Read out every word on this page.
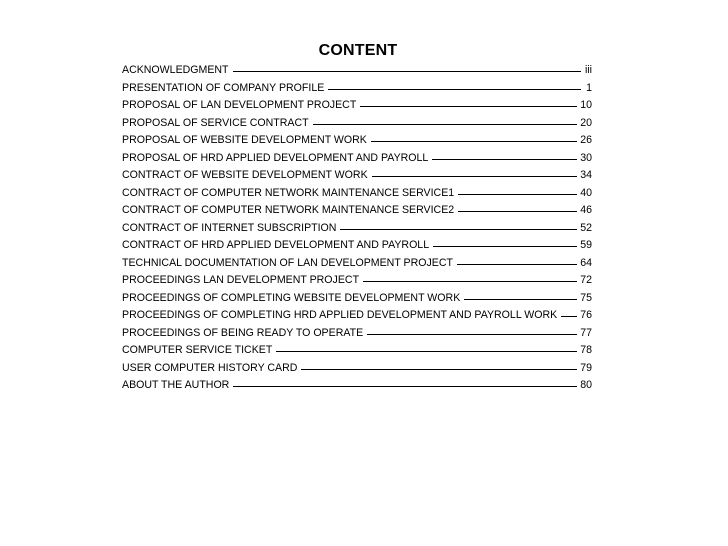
CONTENT
ACKNOWLEDGMENT	iii
PRESENTATION OF COMPANY PROFILE	1
PROPOSAL OF LAN DEVELOPMENT PROJECT	10
PROPOSAL OF SERVICE CONTRACT	20
PROPOSAL OF WEBSITE DEVELOPMENT WORK	26
PROPOSAL OF HRD APPLIED DEVELOPMENT AND PAYROLL	30
CONTRACT OF WEBSITE DEVELOPMENT WORK	34
CONTRACT OF COMPUTER NETWORK MAINTENANCE SERVICE1	40
CONTRACT OF COMPUTER NETWORK MAINTENANCE SERVICE2	46
CONTRACT OF INTERNET SUBSCRIPTION	52
CONTRACT OF HRD APPLIED DEVELOPMENT AND PAYROLL	59
TECHNICAL DOCUMENTATION OF LAN DEVELOPMENT PROJECT	64
PROCEEDINGS LAN DEVELOPMENT PROJECT	72
PROCEEDINGS OF COMPLETING WEBSITE DEVELOPMENT WORK	75
PROCEEDINGS OF COMPLETING HRD APPLIED DEVELOPMENT AND PAYROLL WORK 76
PROCEEDINGS OF BEING READY TO OPERATE	77
COMPUTER SERVICE TICKET	78
USER COMPUTER HISTORY CARD	79
ABOUT THE AUTHOR	80
